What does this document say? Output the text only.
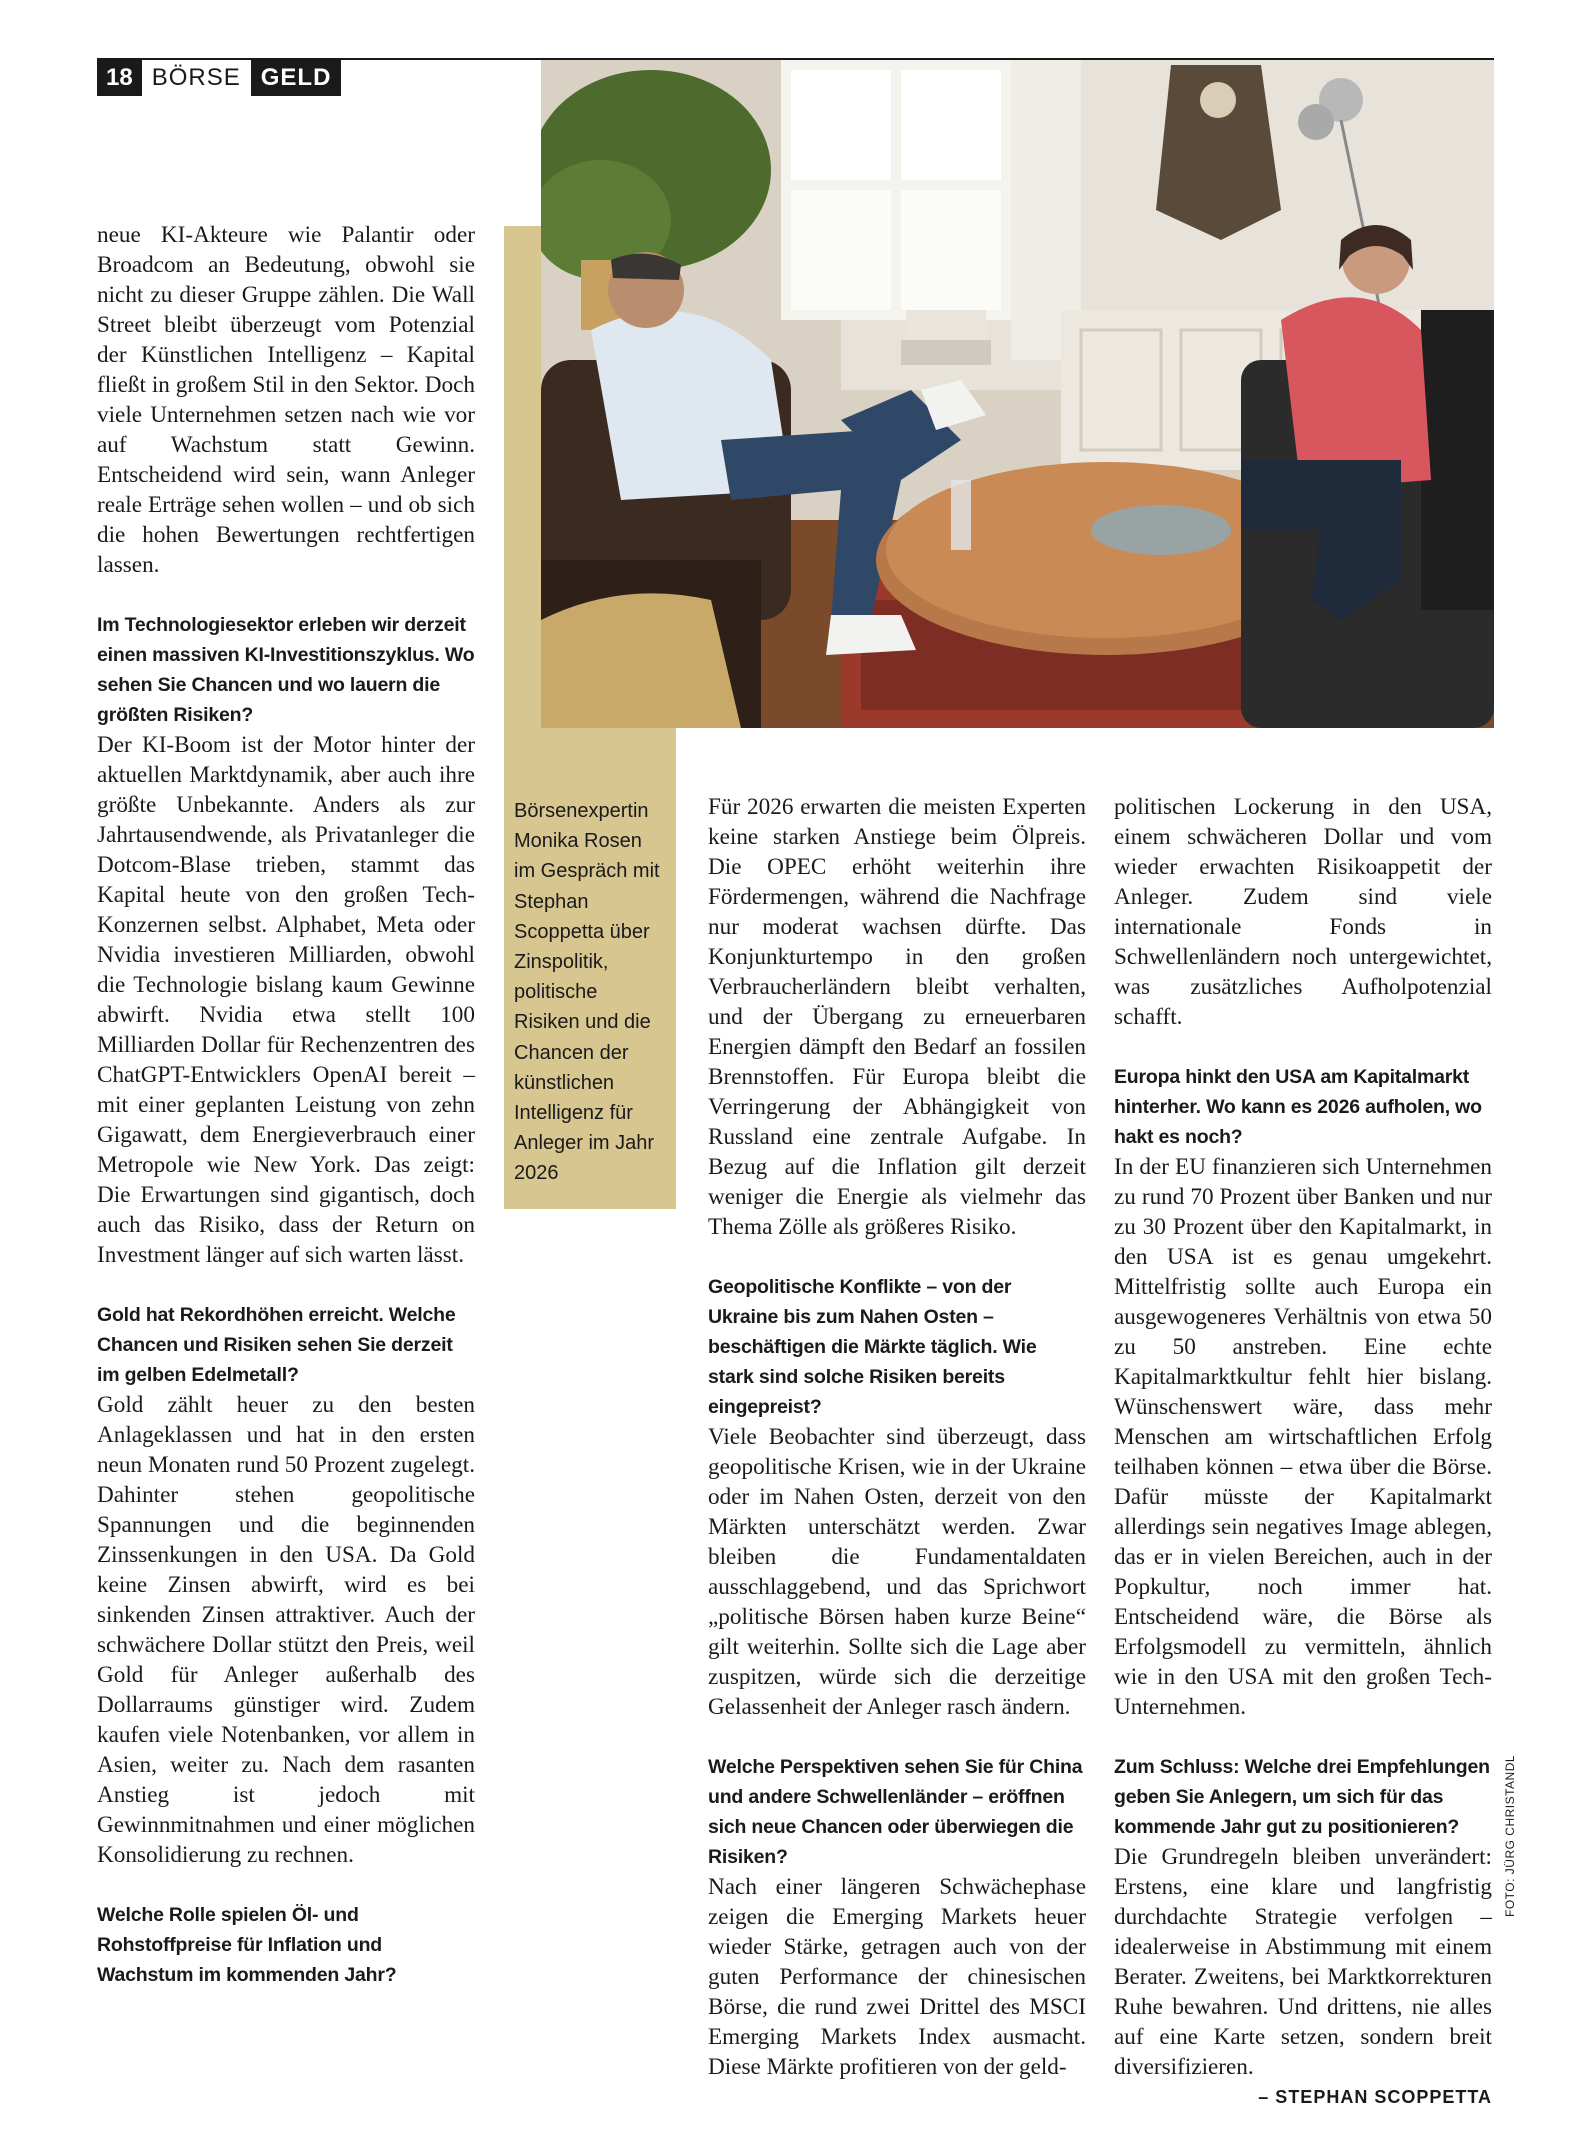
18 BÖRSE GELD
Börsenexpertin Monika Rosen im Gespräch mit Stephan Scoppetta über Zinspolitik, politische Risiken und die Chancen der künstlichen Intelligenz für Anleger im Jahr 2026
FOTO: JÜRG CHRISTANDL

neue KI-Akteure wie Palantir oder Broadcom an Bedeutung, obwohl sie nicht zu dieser Gruppe zählen. Die Wall Street bleibt überzeugt vom Potenzial der Künstlichen Intelligenz – Kapital fließt in großem Stil in den Sektor. Doch viele Unternehmen setzen nach wie vor auf Wachstum statt Gewinn. Entscheidend wird sein, wann Anleger reale Erträge sehen wollen – und ob sich die hohen Bewertungen rechtfertigen lassen.

Im Technologiesektor erleben wir derzeit einen massiven KI-Investitionszyklus. Wo sehen Sie Chancen und wo lauern die größten Risiken?

Der KI-Boom ist der Motor hinter der aktuellen Marktdynamik, aber auch ihre größte Unbekannte. Anders als zur Jahrtausendwende, als Privatanleger die Dotcom-Blase trieben, stammt das Kapital heute von den großen Tech-Konzernen selbst. Alphabet, Meta oder Nvidia investieren Milliarden, obwohl die Technologie bislang kaum Gewinne abwirft. Nvidia etwa stellt 100 Milliarden Dollar für Rechenzentren des ChatGPT-Entwicklers OpenAI bereit – mit einer geplanten Leistung von zehn Gigawatt, dem Energieverbrauch einer Metropole wie New York. Das zeigt: Die Erwartungen sind gigantisch, doch auch das Risiko, dass der Return on Investment länger auf sich warten lässt.

Gold hat Rekordhöhen erreicht. Welche Chancen und Risiken sehen Sie derzeit im gelben Edelmetall?

Gold zählt heuer zu den besten Anlageklassen und hat in den ersten neun Monaten rund 50 Prozent zugelegt. Dahinter stehen geopolitische Spannungen und die beginnenden Zinssenkungen in den USA. Da Gold keine Zinsen abwirft, wird es bei sinkenden Zinsen attraktiver. Auch der schwächere Dollar stützt den Preis, weil Gold für Anleger außerhalb des Dollarraums günstiger wird. Zudem kaufen viele Notenbanken, vor allem in Asien, weiter zu. Nach dem rasanten Anstieg ist jedoch mit Gewinnmitnahmen und einer möglichen Konsolidierung zu rechnen.

Welche Rolle spielen Öl- und Rohstoffpreise für Inflation und Wachstum im kommenden Jahr?

Für 2026 erwarten die meisten Experten keine starken Anstiege beim Ölpreis. Die OPEC erhöht weiterhin ihre Fördermengen, während die Nachfrage nur moderat wachsen dürfte. Das Konjunkturtempo in den großen Verbraucherländern bleibt verhalten, und der Übergang zu erneuerbaren Energien dämpft den Bedarf an fossilen Brennstoffen. Für Europa bleibt die Verringerung der Abhängigkeit von Russland eine zentrale Aufgabe. In Bezug auf die Inflation gilt derzeit weniger die Energie als vielmehr das Thema Zölle als größeres Risiko.

Geopolitische Konflikte – von der Ukraine bis zum Nahen Osten – beschäftigen die Märkte täglich. Wie stark sind solche Risiken bereits eingepreist?

Viele Beobachter sind überzeugt, dass geopolitische Krisen, wie in der Ukraine oder im Nahen Osten, derzeit von den Märkten unterschätzt werden. Zwar bleiben die Fundamentaldaten ausschlaggebend, und das Sprichwort „politische Börsen haben kurze Beine“ gilt weiterhin. Sollte sich die Lage aber zuspitzen, würde sich die derzeitige Gelassenheit der Anleger rasch ändern.

Welche Perspektiven sehen Sie für China und andere Schwellenländer – eröffnen sich neue Chancen oder überwiegen die Risiken?

Nach einer längeren Schwächephase zeigen die Emerging Markets heuer wieder Stärke, getragen auch von der guten Performance der chinesischen Börse, die rund zwei Drittel des MSCI Emerging Markets Index ausmacht. Diese Märkte profitieren von der geld-

politischen Lockerung in den USA, einem schwächeren Dollar und vom wieder erwachten Risikoappetit der Anleger. Zudem sind viele internationale Fonds in Schwellenländern noch untergewichtet, was zusätzliches Aufholpotenzial schafft.

Europa hinkt den USA am Kapitalmarkt hinterher. Wo kann es 2026 aufholen, wo hakt es noch?

In der EU finanzieren sich Unternehmen zu rund 70 Prozent über Banken und nur zu 30 Prozent über den Kapitalmarkt, in den USA ist es genau umgekehrt. Mittelfristig sollte auch Europa ein ausgewogeneres Verhältnis von etwa 50 zu 50 anstreben. Eine echte Kapitalmarktkultur fehlt hier bislang. Wünschenswert wäre, dass mehr Menschen am wirtschaftlichen Erfolg teilhaben können – etwa über die Börse. Dafür müsste der Kapitalmarkt allerdings sein negatives Image ablegen, das er in vielen Bereichen, auch in der Popkultur, noch immer hat. Entscheidend wäre, die Börse als Erfolgsmodell zu vermitteln, ähnlich wie in den USA mit den großen Tech-Unternehmen.

Zum Schluss: Welche drei Empfehlungen geben Sie Anlegern, um sich für das kommende Jahr gut zu positionieren?

Die Grundregeln bleiben unverändert: Erstens, eine klare und langfristig durchdachte Strategie verfolgen – idealerweise in Abstimmung mit einem Berater. Zweitens, bei Marktkorrekturen Ruhe bewahren. Und drittens, nie alles auf eine Karte setzen, sondern breit diversifizieren.

– STEPHAN SCOPPETTA
